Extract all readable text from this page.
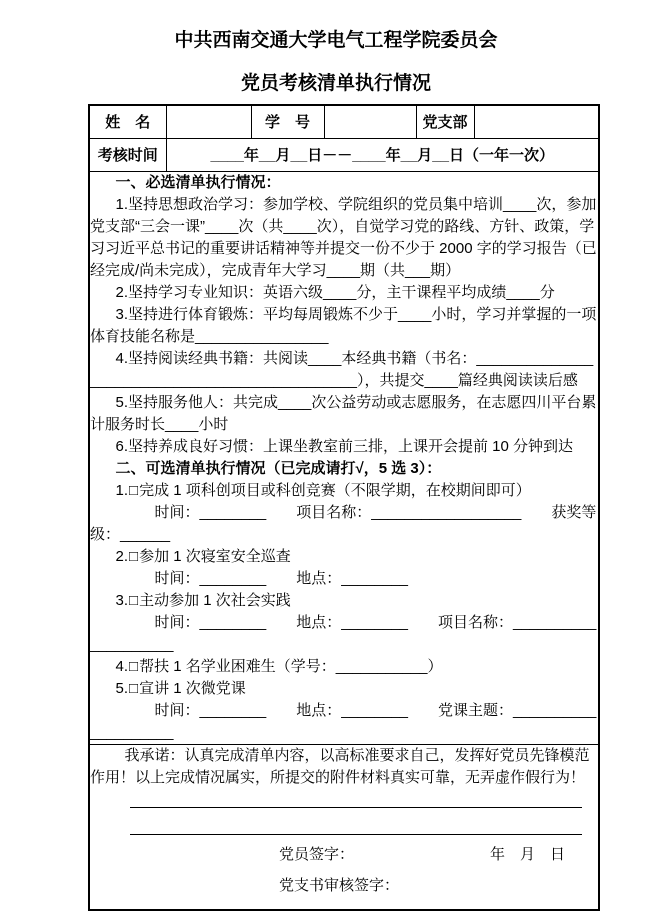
中共西南交通大学电气工程学院委员会
党员考核清单执行情况
姓　名		学　号		党支部	
考核时间	____年__月__日－－____年__月__日（一年一次）				

一、必选清单执行情况：

1.坚持思想政治学习：参加学校、学院组织的党员集中培训____次，参加党支部“三会一课”____次（共____次），自觉学习党的路线、方针、政策，学习习近平总书记的重要讲话精神等并提交一份不少于 2000 字的学习报告（已经完成/尚未完成），完成青年大学习____期（共___期）

2.坚持学习专业知识：英语六级____分，主干课程平均成绩____分

3.坚持进行体育锻炼：平均每周锻炼不少于____小时，学习并掌握的一项体育技能名称是________________

4.坚持阅读经典书籍：共阅读____本经典书籍（书名：______________________________________________），共提交____篇经典阅读读后感

5.坚持服务他人：共完成____次公益劳动或志愿服务，在志愿四川平台累计服务时长____小时

6.坚持养成良好习惯：上课坐教室前三排，上课开会提前 10 分钟到达

二、可选清单执行情况（已完成请打√，5 选 3）：

1.□完成 1 项科创项目或科创竞赛（不限学期，在校期间即可）

时间：________　　项目名称：__________________　　获奖等级：______

2.□参加 1 次寝室安全巡查

时间：________　　地点：________

3.□主动参加 1 次社会实践

时间：________　　地点：________　　项目名称：____________________

4.□帮扶 1 名学业困难生（学号：___________）

5.□宣讲 1 次微党课

时间：________　　地点：________　　党课主题：____________________

我承诺：认真完成清单内容，以高标准要求自己，发挥好党员先锋模范作用！以上完成情况属实，所提交的附件材料真实可靠，无弄虚作假行为！

党员签字： 年　月　日
党支书审核签字：					
